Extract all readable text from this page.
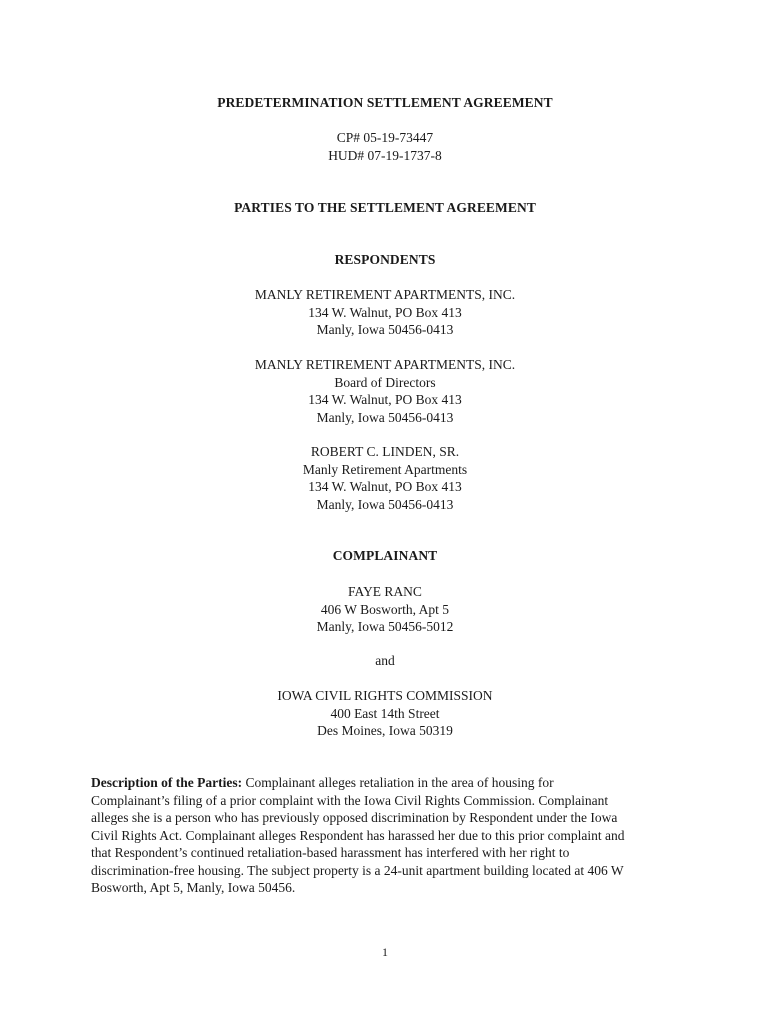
PREDETERMINATION SETTLEMENT AGREEMENT
CP# 05-19-73447
HUD# 07-19-1737-8
PARTIES TO THE SETTLEMENT AGREEMENT
RESPONDENTS
MANLY RETIREMENT APARTMENTS, INC.
134 W. Walnut, PO Box 413
Manly, Iowa 50456-0413
MANLY RETIREMENT APARTMENTS, INC.
Board of Directors
134 W. Walnut, PO Box 413
Manly, Iowa 50456-0413
ROBERT C. LINDEN, SR.
Manly Retirement Apartments
134 W. Walnut, PO Box 413
Manly, Iowa 50456-0413
COMPLAINANT
FAYE RANC
406 W Bosworth, Apt 5
Manly, Iowa 50456-5012
and
IOWA CIVIL RIGHTS COMMISSION
400 East 14th Street
Des Moines, Iowa 50319
Description of the Parties: Complainant alleges retaliation in the area of housing for
Complainant’s filing of a prior complaint with the Iowa Civil Rights Commission. Complainant
alleges she is a person who has previously opposed discrimination by Respondent under the Iowa
Civil Rights Act. Complainant alleges Respondent has harassed her due to this prior complaint and
that Respondent’s continued retaliation-based harassment has interfered with her right to
discrimination-free housing. The subject property is a 24-unit apartment building located at 406 W
Bosworth, Apt 5, Manly, Iowa 50456.
1
